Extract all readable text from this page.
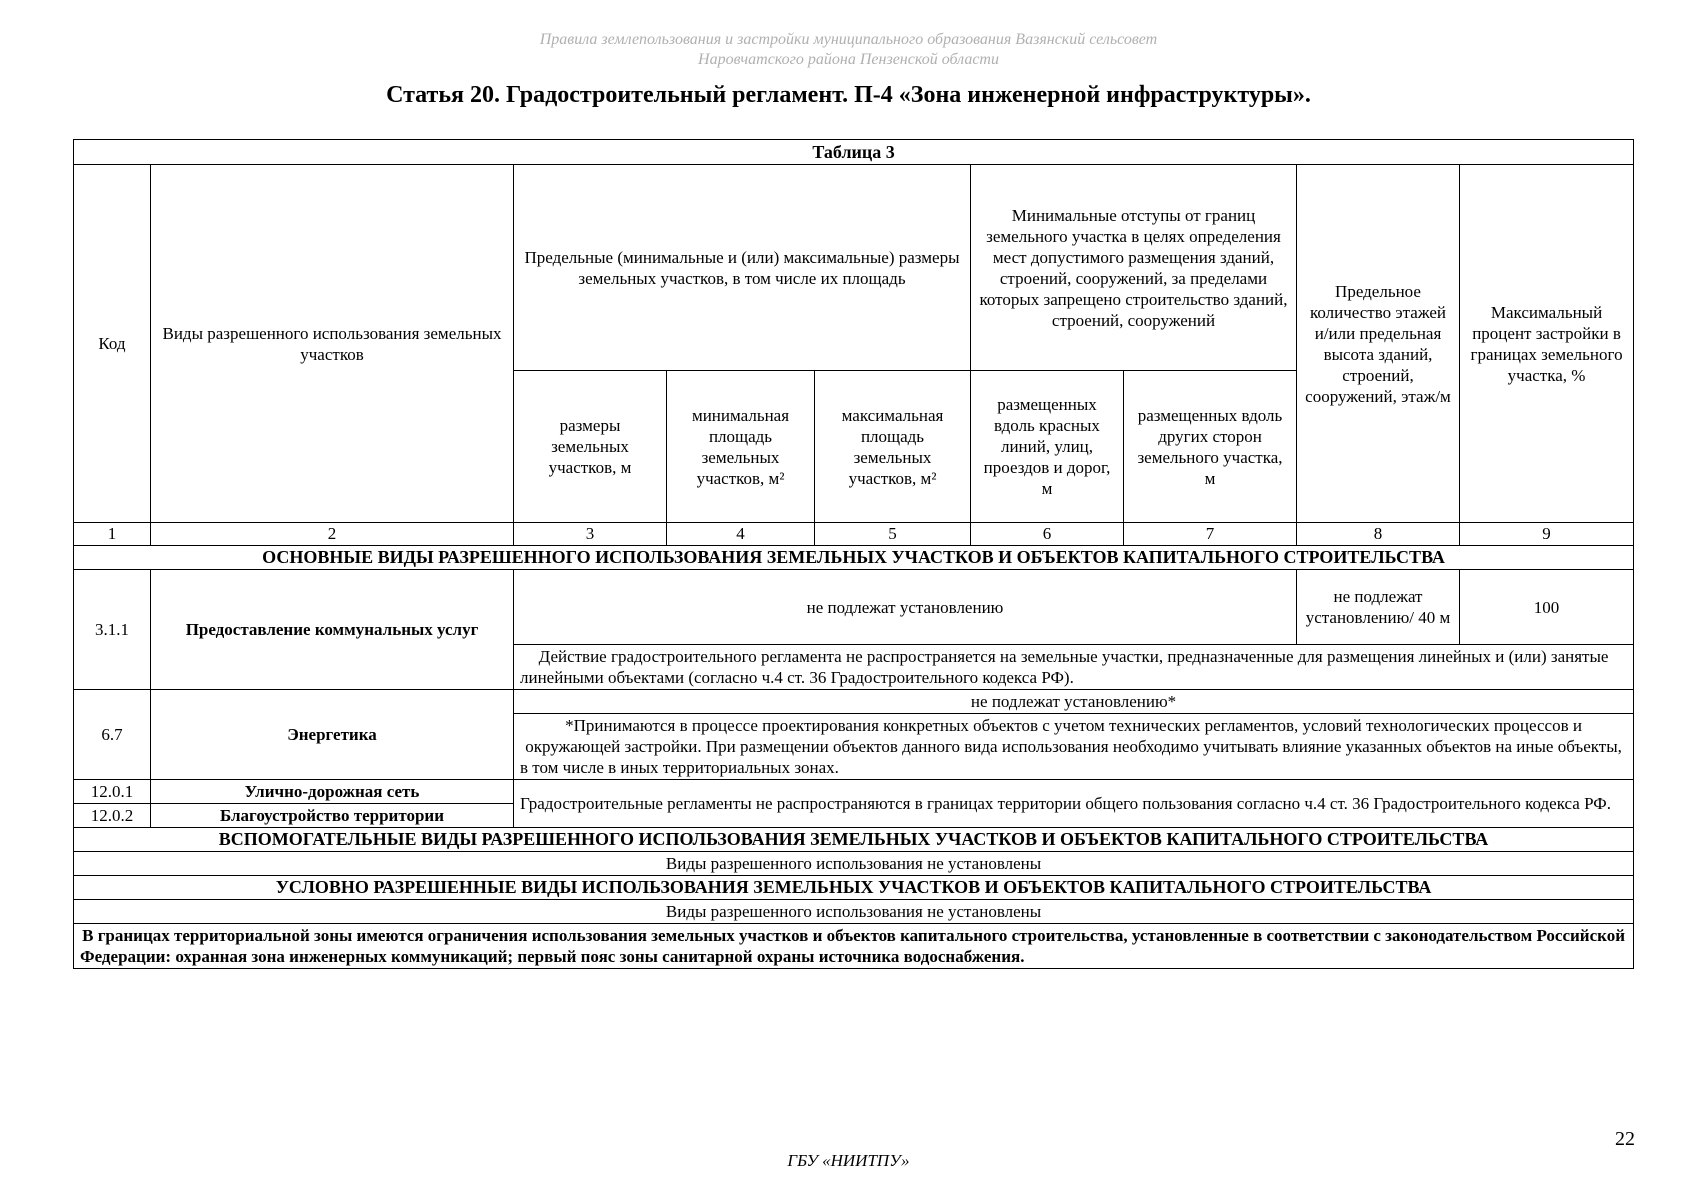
Правила землепользования и застройки муниципального образования Вазянский сельсовет
Наровчатского района Пензенской области
Статья 20. Градостроительный регламент. П-4 «Зона инженерной инфраструктуры».
Таблица 3								
Код	Виды разрешенного использования земельных участков	Предельные (минимальные и (или) максимальные) размеры земельных участков, в том числе их площадь			Минимальные отступы от границ земельного участка в целях определения мест допустимого размещения зданий, строений, сооружений, за пределами которых запрещено строительство зданий, строений, сооружений		Предельное количество этажей и/или предельная высота зданий, строений, сооружений, этаж/м	Максимальный процент застройки в границах земельного участка, %
		размеры земельных участков, м	минимальная площадь земельных участков, м²	максимальная площадь земельных участков, м²	размещенных вдоль красных линий, улиц, проездов и дорог, м	размещенных вдоль других сторон земельного участка, м		
1	2	3	4	5	6	7	8	9
ОСНОВНЫЕ ВИДЫ РАЗРЕШЕННОГО ИСПОЛЬЗОВАНИЯ ЗЕМЕЛЬНЫХ УЧАСТКОВ И ОБЪЕКТОВ КАПИТАЛЬНОГО СТРОИТЕЛЬСТВА								
3.1.1	Предоставление коммунальных услуг	не подлежат установлению					не подлежат установлению/ 40 м	100
		Действие градостроительного регламента не распространяется на земельные участки, предназначенные для размещения линейных и (или) занятые линейными объектами (согласно ч.4 ст. 36 Градостроительного кодекса РФ).						
6.7	Энергетика	не подлежат установлению*						
		*Принимаются в процессе проектирования конкретных объектов с учетом технических регламентов, условий технологических процессов и окружающей застройки. При размещении объектов данного вида использования необходимо учитывать влияние указанных объектов на иные объекты, в том числе в иных территориальных зонах.						
12.0.1	Улично-дорожная сеть	Градостроительные регламенты не распространяются в границах территории общего пользования согласно ч.4 ст. 36 Градостроительного кодекса РФ.						
12.0.2	Благоустройство территории							
ВСПОМОГАТЕЛЬНЫЕ ВИДЫ РАЗРЕШЕННОГО ИСПОЛЬЗОВАНИЯ ЗЕМЕЛЬНЫХ УЧАСТКОВ И ОБЪЕКТОВ КАПИТАЛЬНОГО СТРОИТЕЛЬСТВА								
Виды разрешенного использования не установлены								
УСЛОВНО РАЗРЕШЕННЫЕ ВИДЫ ИСПОЛЬЗОВАНИЯ ЗЕМЕЛЬНЫХ УЧАСТКОВ И ОБЪЕКТОВ КАПИТАЛЬНОГО СТРОИТЕЛЬСТВА								
Виды разрешенного использования не установлены								
В границах территориальной зоны имеются ограничения использования земельных участков и объектов капитального строительства, установленные в соответствии с законодательством Российской Федерации: охранная зона инженерных коммуникаций; первый пояс зоны санитарной охраны источника водоснабжения.								
22
ГБУ «НИИТПУ»
